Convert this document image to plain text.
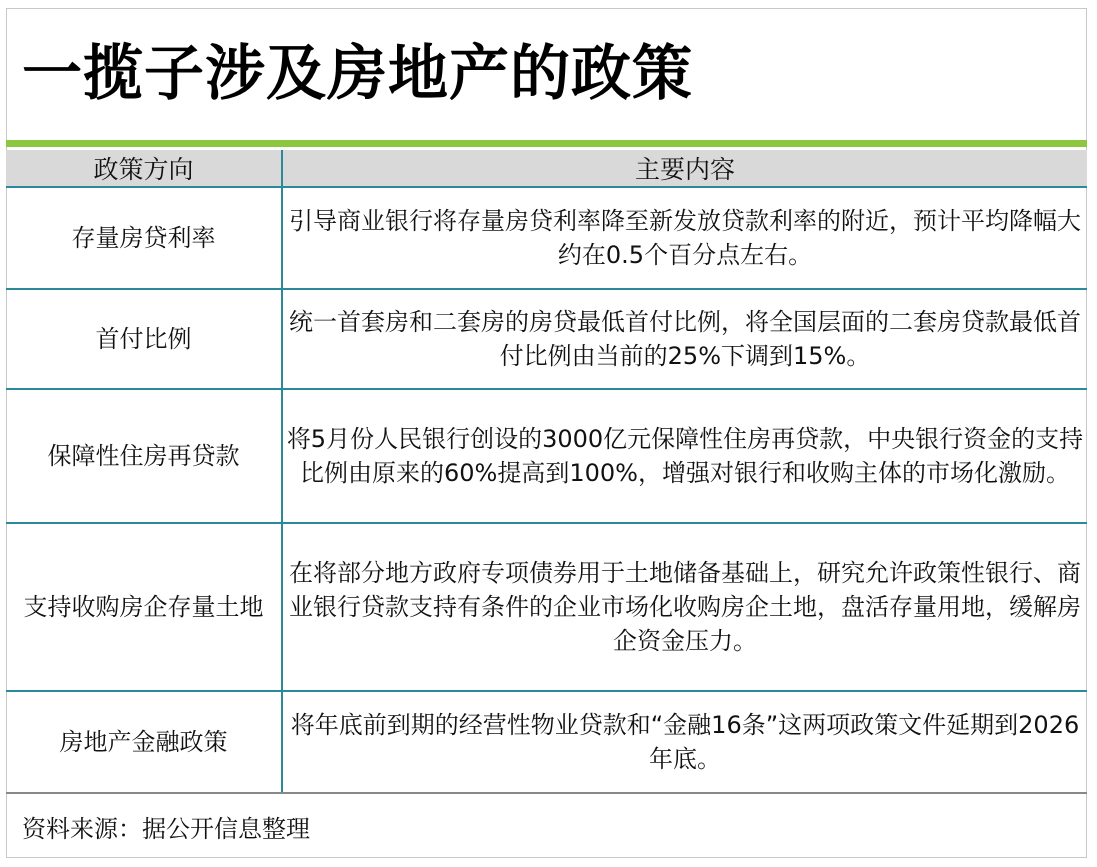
一揽子涉及房地产的政策
政策方向	主要内容
存量房贷利率	引导商业银行将存量房贷利率降至新发放贷款利率的附近，预计平均降幅大约在0.5个百分点左右。
首付比例	统一首套房和二套房的房贷最低首付比例，将全国层面的二套房贷款最低首付比例由当前的25%下调到15%。
保障性住房再贷款	将5月份人民银行创设的3000亿元保障性住房再贷款，中央银行资金的支持比例由原来的60%提高到100%，增强对银行和收购主体的市场化激励。
支持收购房企存量土地	在将部分地方政府专项债券用于土地储备基础上，研究允许政策性银行、商业银行贷款支持有条件的企业市场化收购房企土地，盘活存量用地，缓解房企资金压力。
房地产金融政策	将年底前到期的经营性物业贷款和“金融16条”这两项政策文件延期到2026年底。
资料来源：据公开信息整理
